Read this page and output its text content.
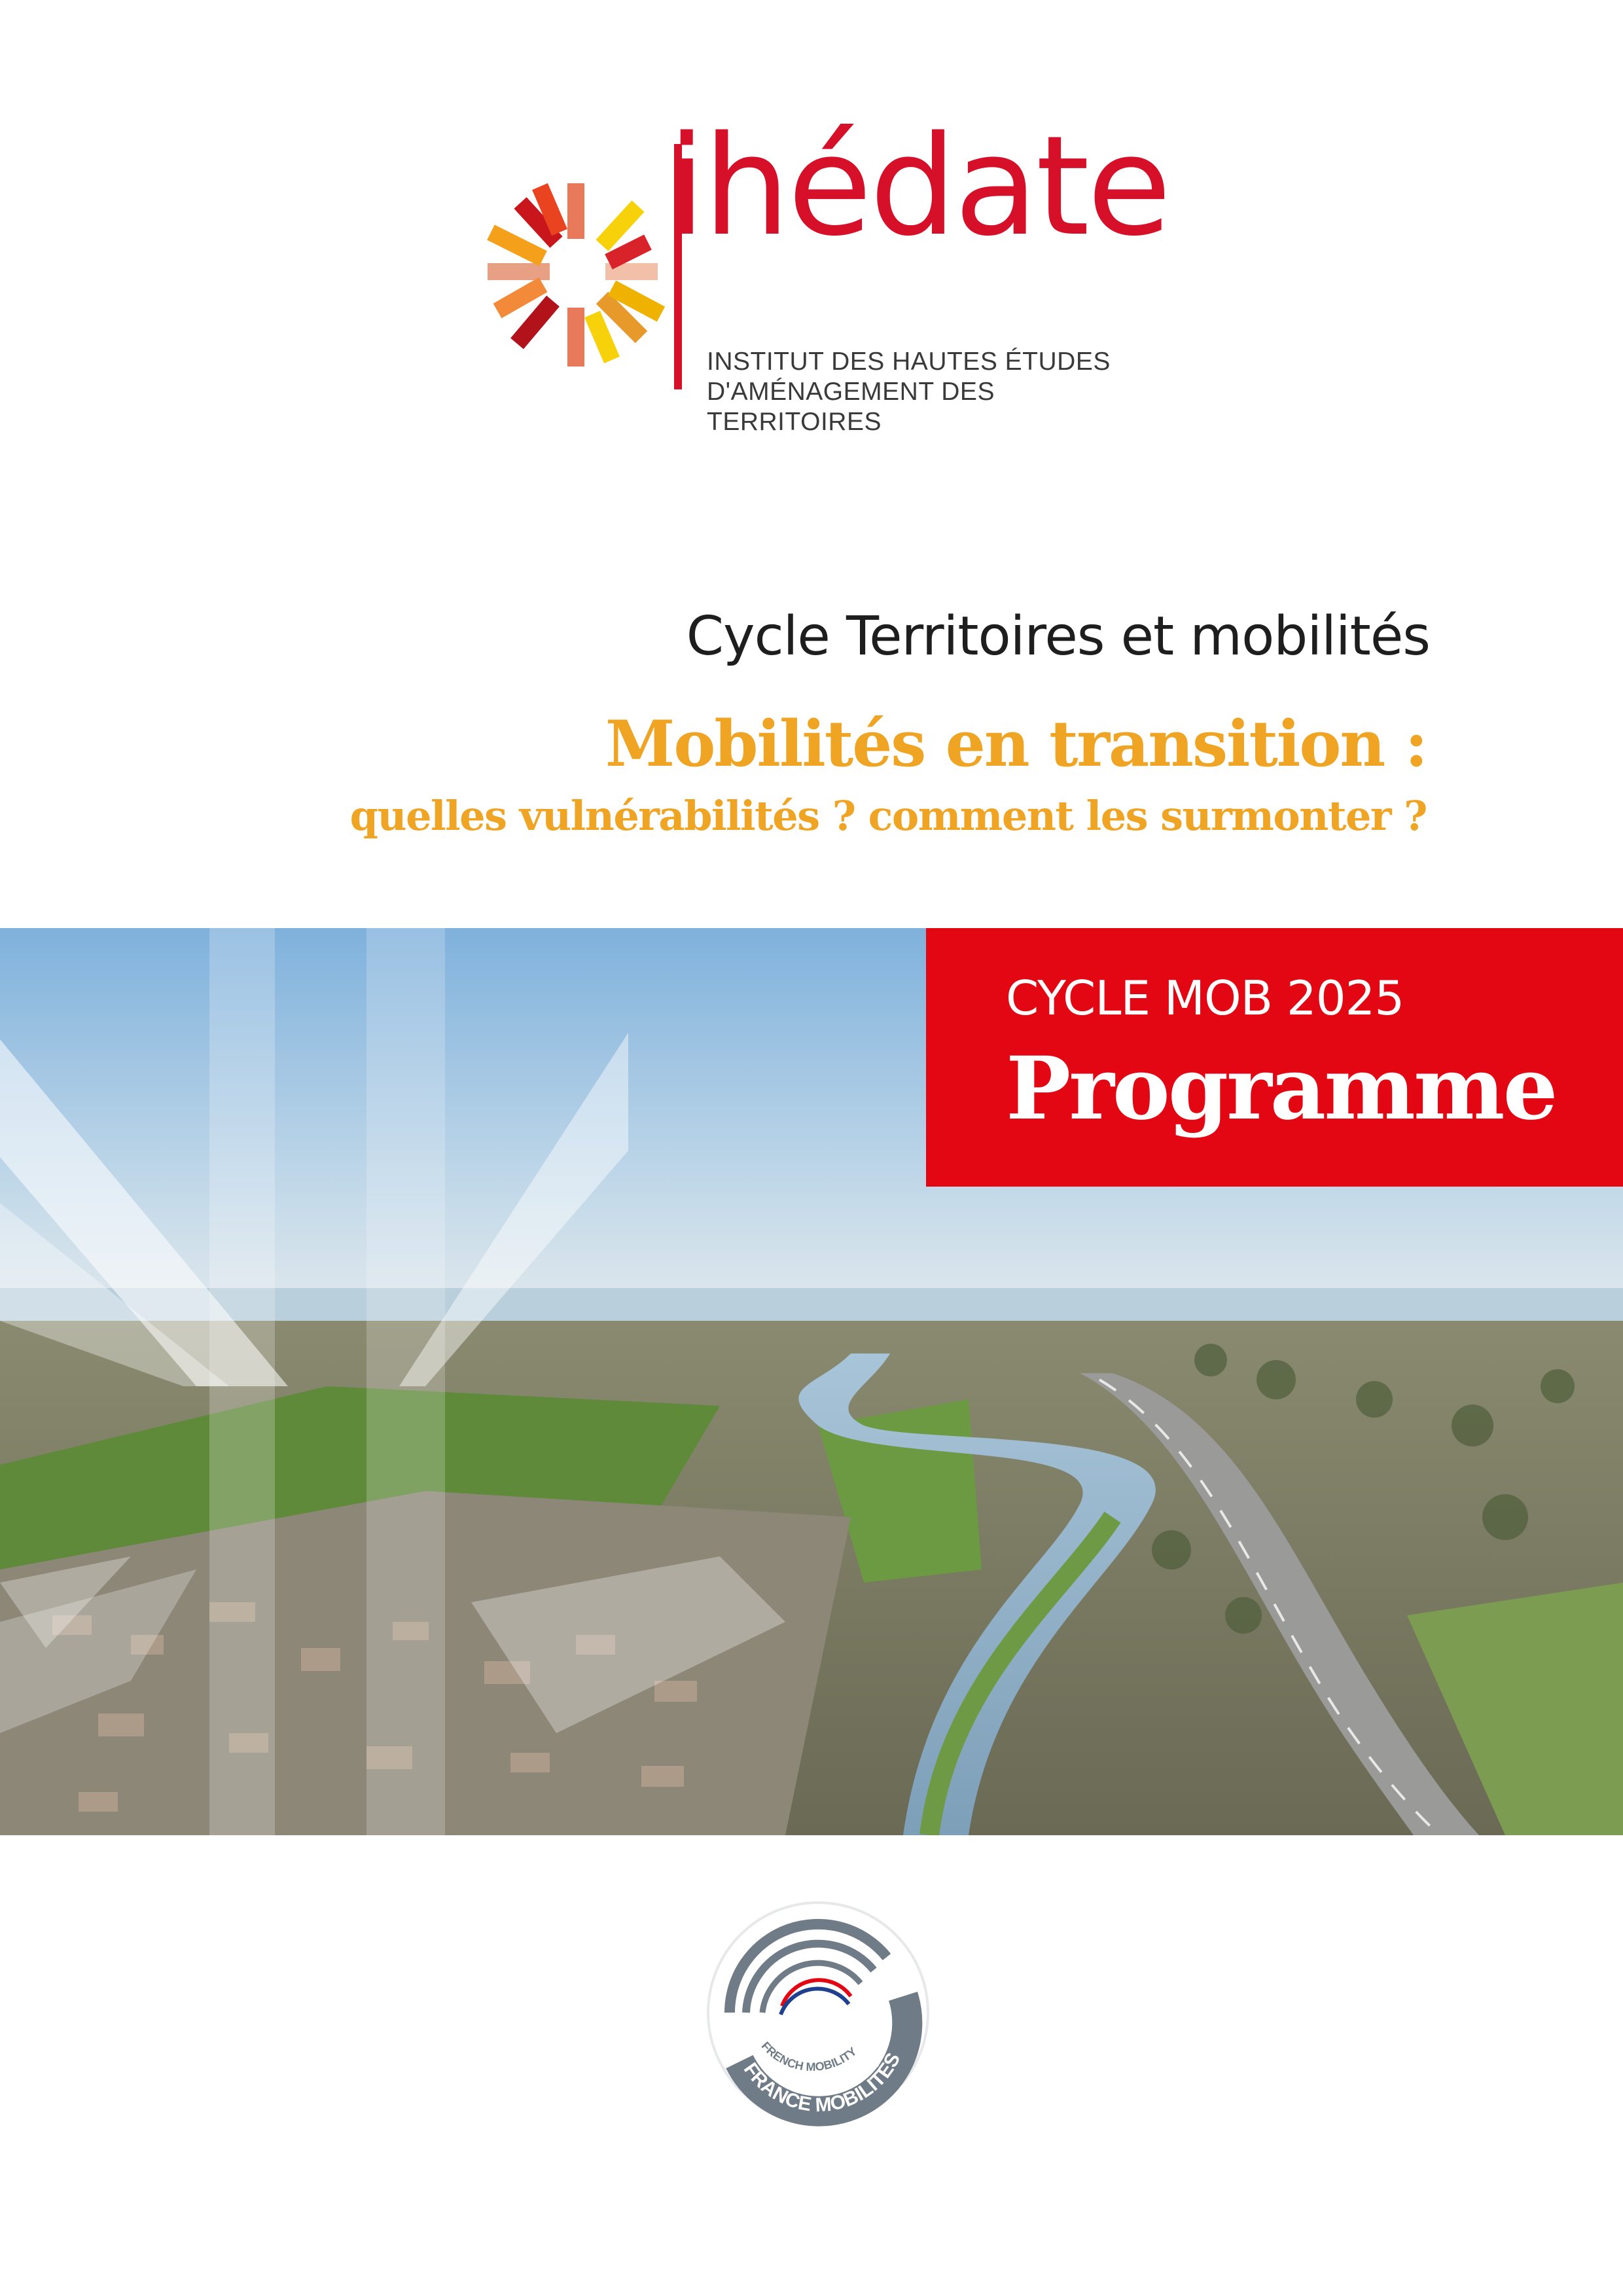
ihédate

INSTITUT DES HAUTES ÉTUDES
D'AMÉNAGEMENT DES TERRITOIRES

Cycle Territoires et mobilités
Mobilités en transition :
quelles vulnérabilités ? comment les surmonter ?

CYCLE MOB 2025

Programme

FRENCH MOBILITY
FRANCE MOBILITÉS
